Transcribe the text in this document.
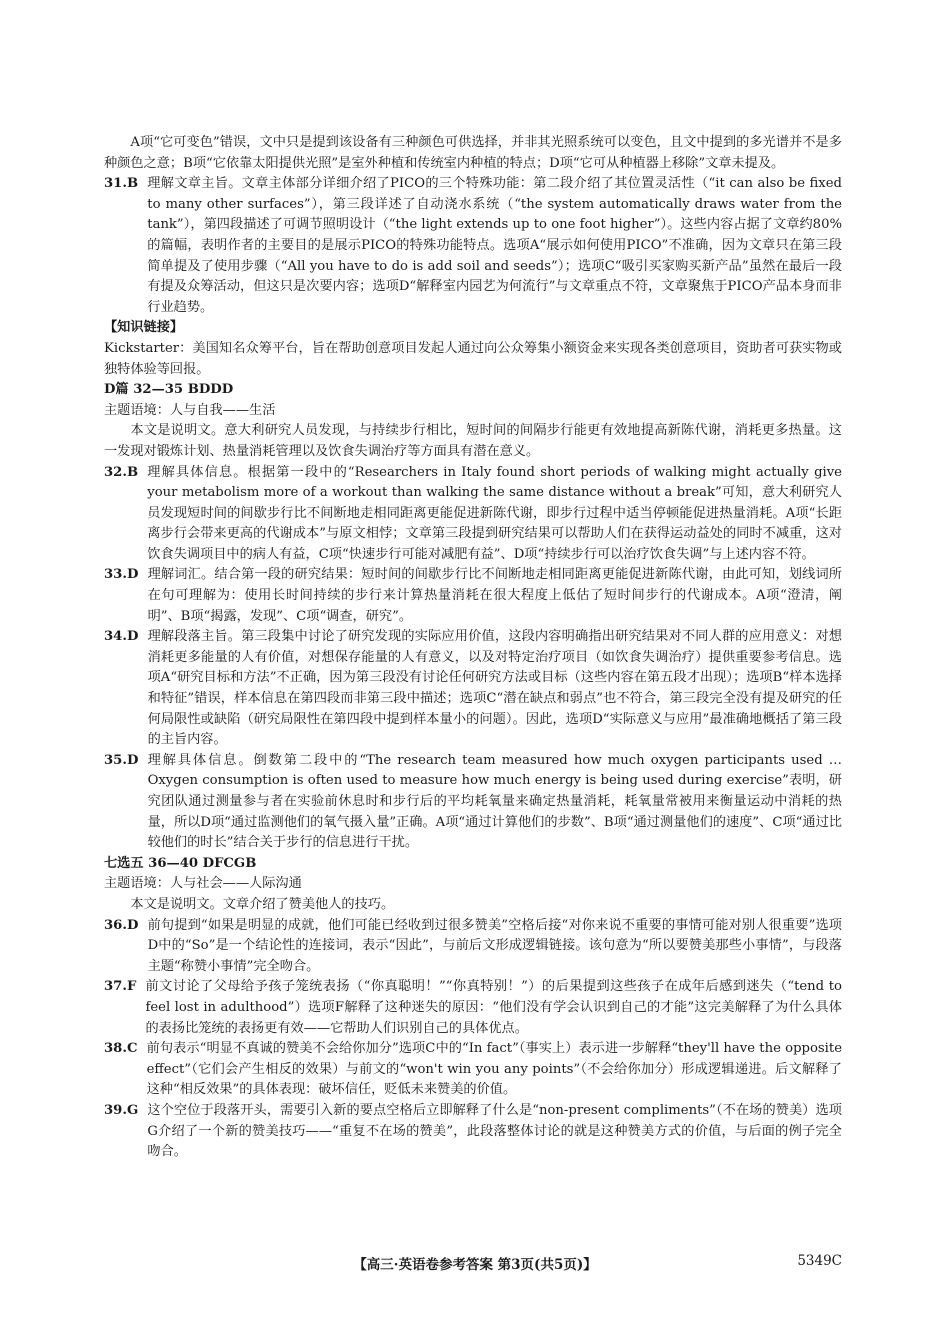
A项“它可变色”错误，文中只是提到该设备有三种颜色可供选择，并非其光照系统可以变色，且文中提到的多光谱并不是多种颜色之意；B项“它依靠太阳提供光照”是室外种植和传统室内种植的特点；D项“它可从种植器上移除”文章未提及。

31.B 理解文章主旨。文章主体部分详细介绍了PICO的三个特殊功能：第二段介绍了其位置灵活性（“it can also be fixed to many other surfaces”），第三段详述了自动浇水系统（“the system automatically draws water from the tank”），第四段描述了可调节照明设计（“the light extends up to one foot higher”）。这些内容占据了文章约80%的篇幅，表明作者的主要目的是展示PICO的特殊功能特点。选项A“展示如何使用PICO”不准确，因为文章只在第三段简单提及了使用步骤（“All you have to do is add soil and seeds”）；选项C“吸引买家购买新产品”虽然在最后一段有提及众筹活动，但这只是次要内容；选项D“解释室内园艺为何流行”与文章重点不符，文章聚焦于PICO产品本身而非行业趋势。

【知识链接】

Kickstarter：美国知名众筹平台，旨在帮助创意项目发起人通过向公众筹集小额资金来实现各类创意项目，资助者可获实物或独特体验等回报。

D篇 32—35 BDDD

主题语境：人与自我——生活

本文是说明文。意大利研究人员发现，与持续步行相比，短时间的间隔步行能更有效地提高新陈代谢，消耗更多热量。这一发现对锻炼计划、热量消耗管理以及饮食失调治疗等方面具有潜在意义。

32.B 理解具体信息。根据第一段中的“Researchers in Italy found short periods of walking might actually give your metabolism more of a workout than walking the same distance without a break”可知，意大利研究人员发现短时间的间歇步行比不间断地走相同距离更能促进新陈代谢，即步行过程中适当停顿能促进热量消耗。A项“长距离步行会带来更高的代谢成本”与原文相悖；文章第三段提到研究结果可以帮助人们在获得运动益处的同时不减重，这对饮食失调项目中的病人有益，C项“快速步行可能对减肥有益”、D项“持续步行可以治疗饮食失调”与上述内容不符。
33.D 理解词汇。结合第一段的研究结果：短时间的间歇步行比不间断地走相同距离更能促进新陈代谢，由此可知，划线词所在句可理解为：使用长时间持续的步行来计算热量消耗在很大程度上低估了短时间步行的代谢成本。A项“澄清，阐明”、B项“揭露，发现”、C项“调查，研究”。
34.D 理解段落主旨。第三段集中讨论了研究发现的实际应用价值，这段内容明确指出研究结果对不同人群的应用意义：对想消耗更多能量的人有价值，对想保存能量的人有意义，以及对特定治疗项目（如饮食失调治疗）提供重要参考信息。选项A“研究目标和方法”不正确，因为第三段没有讨论任何研究方法或目标（这些内容在第五段才出现）；选项B“样本选择和特征”错误，样本信息在第四段而非第三段中描述；选项C“潜在缺点和弱点”也不符合，第三段完全没有提及研究的任何局限性或缺陷（研究局限性在第四段中提到样本量小的问题）。因此，选项D“实际意义与应用”最准确地概括了第三段的主旨内容。
35.D 理解具体信息。倒数第二段中的“The research team measured how much oxygen participants used … Oxygen consumption is often used to measure how much energy is being used during exercise”表明，研究团队通过测量参与者在实验前休息时和步行后的平均耗氧量来确定热量消耗，耗氧量常被用来衡量运动中消耗的热量，所以D项“通过监测他们的氧气摄入量”正确。A项“通过计算他们的步数”、B项“通过测量他们的速度”、C项“通过比较他们的时长”结合关于步行的信息进行干扰。

七选五 36—40 DFCGB

主题语境：人与社会——人际沟通

本文是说明文。文章介绍了赞美他人的技巧。

36.D 前句提到“如果是明显的成就，他们可能已经收到过很多赞美”空格后接“对你来说不重要的事情可能对别人很重要”选项D中的“So”是一个结论性的连接词，表示“因此”，与前后文形成逻辑链接。该句意为“所以要赞美那些小事情”，与段落主题“称赞小事情”完全吻合。
37.F 前文讨论了父母给予孩子笼统表扬（“你真聪明！”“你真特别！”）的后果提到这些孩子在成年后感到迷失（“tend to feel lost in adulthood”）选项F解释了这种迷失的原因：“他们没有学会认识到自己的才能”这完美解释了为什么具体的表扬比笼统的表扬更有效——它帮助人们识别自己的具体优点。
38.C 前句表示“明显不真诚的赞美不会给你加分”选项C中的“In fact”（事实上）表示进一步解释“they'll have the opposite effect”（它们会产生相反的效果）与前文的“won't win you any points”（不会给你加分）形成逻辑递进。后文解释了这种“相反效果”的具体表现：破坏信任，贬低未来赞美的价值。
39.G 这个空位于段落开头，需要引入新的要点空格后立即解释了什么是“non-present compliments”（不在场的赞美）选项G介绍了一个新的赞美技巧——“重复不在场的赞美”，此段落整体讨论的就是这种赞美方式的价值，与后面的例子完全吻合。
【高三·英语卷参考答案 第3页(共5页)】	5349C
